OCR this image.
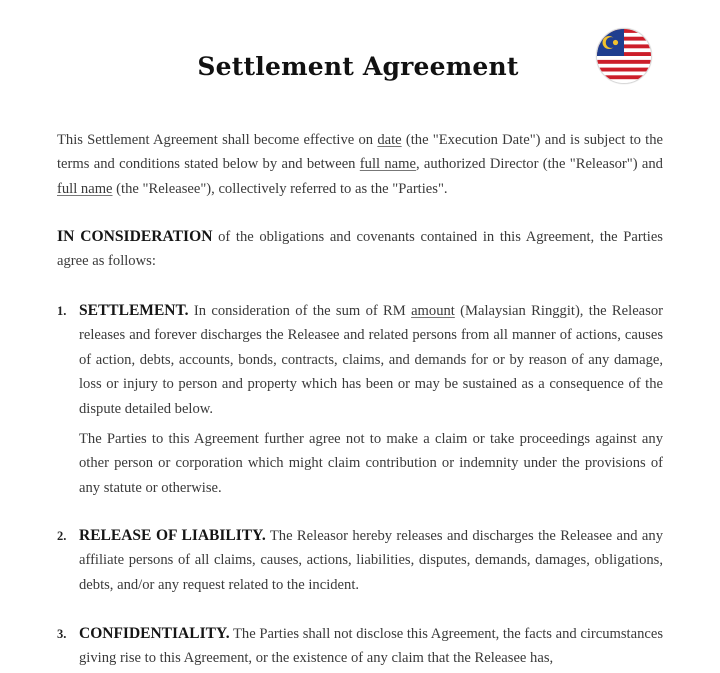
Settlement Agreement
This Settlement Agreement shall become effective on date (the "Execution Date") and is subject to the terms and conditions stated below by and between full name, authorized Director (the "Releasor") and full name (the "Releasee"), collectively referred to as the "Parties".
IN CONSIDERATION of the obligations and covenants contained in this Agreement, the Parties agree as follows:
1. SETTLEMENT. In consideration of the sum of RM amount (Malaysian Ringgit), the Releasor releases and forever discharges the Releasee and related persons from all manner of actions, causes of action, debts, accounts, bonds, contracts, claims, and demands for or by reason of any damage, loss or injury to person and property which has been or may be sustained as a consequence of the dispute detailed below.
The Parties to this Agreement further agree not to make a claim or take proceedings against any other person or corporation which might claim contribution or indemnity under the provisions of any statute or otherwise.
2. RELEASE OF LIABILITY. The Releasor hereby releases and discharges the Releasee and any affiliate persons of all claims, causes, actions, liabilities, disputes, demands, damages, obligations, debts, and/or any request related to the incident.
3. CONFIDENTIALITY. The Parties shall not disclose this Agreement, the facts and circumstances giving rise to this Agreement, or the existence of any claim that the Releasee has,
